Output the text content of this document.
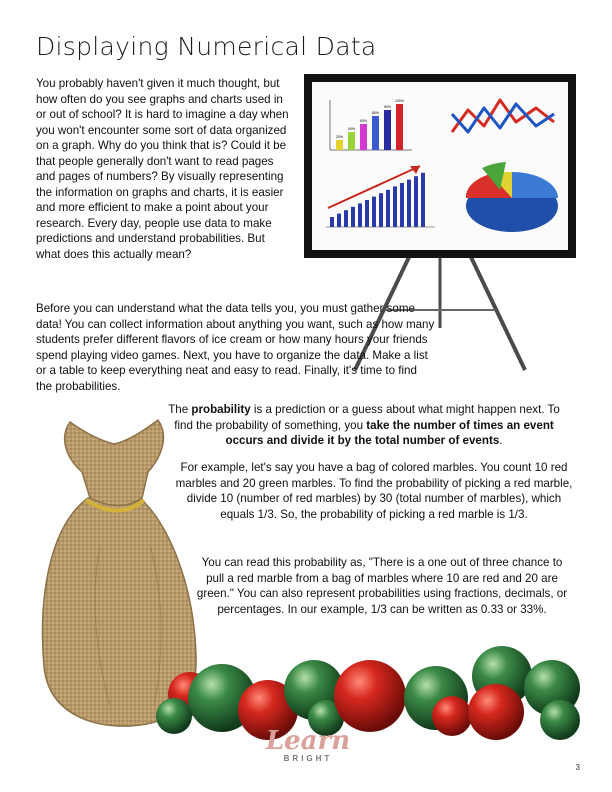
Displaying Numerical Data

You probably haven't given it much thought, but how often do you see graphs and charts used in or out of school? It is hard to imagine a day when you won't encounter some sort of data organized on a graph. Why do you think that is? Could it be that people generally don't want to read pages and pages of numbers? By visually representing the information on graphs and charts, it is easier and more efficient to make a point about your research. Every day, people use data to make predictions and understand probabilities. But what does this actually mean?

20%
40%
60%
80%
90%
100%

Before you can understand what the data tells you, you must gather some data! You can collect information about anything you want, such as how many students prefer different flavors of ice cream or how many hours your friends spend playing video games. Next, you have to organize the data. Make a list or a table to keep everything neat and easy to read. Finally, it's time to find the probabilities.

The probability is a prediction or a guess about what might happen next. To find the probability of something, you take the number of times an event occurs and divide it by the total number of events.

For example, let's say you have a bag of colored marbles. You count 10 red marbles and 20 green marbles. To find the probability of picking a red marble, divide 10 (number of red marbles) by 30 (total number of marbles), which equals 1/3. So, the probability of picking a red marble is 1/3.

You can read this probability as, "There is a one out of three chance to pull a red marble from a bag of marbles where 10 are red and 20 are green." You can also represent probabilities using fractions, decimals, or percentages. In our example, 1/3 can be written as 0.33 or 33%.

Learn
BRIGHT
3
